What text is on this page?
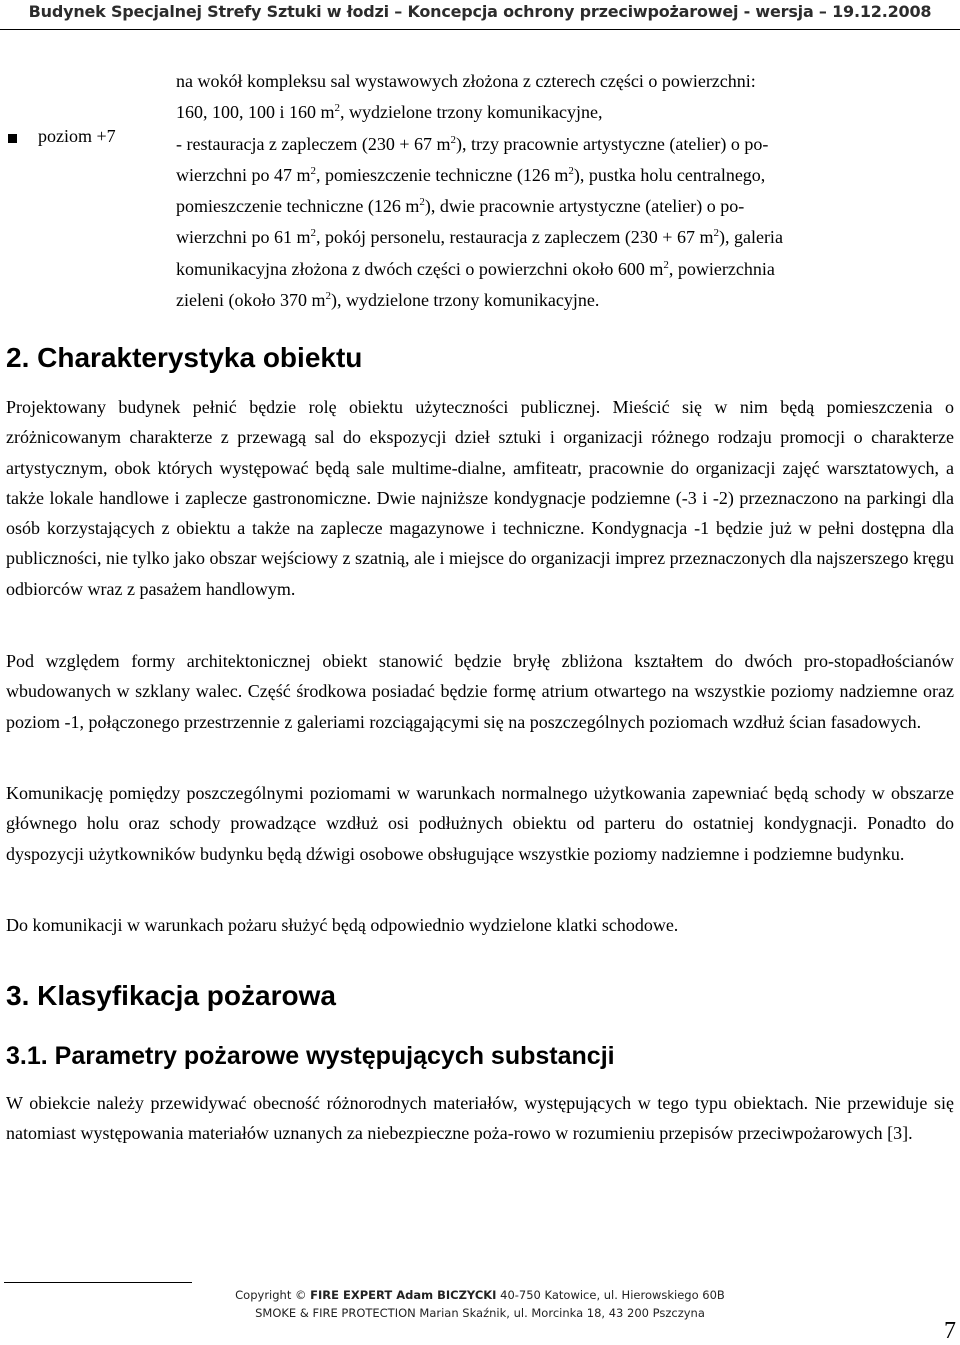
Budynek Specjalnej Strefy Sztuki w łodzi – Koncepcja ochrony przeciwpożarowej - wersja – 19.12.2008
poziom +7
na wokół kompleksu sal wystawowych złożona z czterech części o powierzchni:
160, 100, 100 i 160 $m^2$, wydzielone trzony komunikacyjne,
- restauracja z zapleczem (230 + 67 $m^2$), trzy pracownie artystyczne (atelier) o po-
wierzchni po 47 $m^2$, pomieszczenie techniczne (126 $m^2$), pustka holu centralnego,
pomieszczenie techniczne (126 $m^2$), dwie pracownie artystyczne (atelier) o po-
wierzchni po 61 $m^2$, pokój personelu, restauracja z zapleczem (230 + 67 $m^2$), galeria
komunikacyjna złożona z dwóch części o powierzchni około 600 $m^2$, powierzchnia
zieleni (około 370 $m^2$), wydzielone trzony komunikacyjne.
2. Charakterystyka obiektu

Projektowany budynek pełnić będzie rolę obiektu użyteczności publicznej. Mieścić się w nim będą pomieszczenia o zróżnicowanym charakterze z przewagą sal do ekspozycji dzieł sztuki i organizacji różnego rodzaju promocji o charakterze artystycznym, obok których występować będą sale multime-dialne, amfiteatr, pracownie do organizacji zajęć warsztatowych, a także lokale handlowe i zaplecze gastronomiczne. Dwie najniższe kondygnacje podziemne (-3 i -2) przeznaczono na parkingi dla osób korzystających z obiektu a także na zaplecze magazynowe i techniczne. Kondygnacja -1 będzie już w pełni dostępna dla publiczności, nie tylko jako obszar wejściowy z szatnią, ale i miejsce do organizacji imprez przeznaczonych dla najszerszego kręgu odbiorców wraz z pasażem handlowym.

Pod względem formy architektonicznej obiekt stanowić będzie bryłę zbliżona kształtem do dwóch pro-stopadłościanów wbudowanych w szklany walec. Część środkowa posiadać będzie formę atrium otwartego na wszystkie poziomy nadziemne oraz poziom -1, połączonego przestrzennie z galeriami rozciągającymi się na poszczególnych poziomach wzdłuż ścian fasadowych.

Komunikację pomiędzy poszczególnymi poziomami w warunkach normalnego użytkowania zapewniać będą schody w obszarze głównego holu oraz schody prowadzące wzdłuż osi podłużnych obiektu od parteru do ostatniej kondygnacji. Ponadto do dyspozycji użytkowników budynku będą dźwigi osobowe obsługujące wszystkie poziomy nadziemne i podziemne budynku.

Do komunikacji w warunkach pożaru służyć będą odpowiednio wydzielone klatki schodowe.

3. Klasyfikacja pożarowa
3.1. Parametry pożarowe występujących substancji

W obiekcie należy przewidywać obecność różnorodnych materiałów, występujących w tego typu obiektach. Nie przewiduje się natomiast występowania materiałów uznanych za niebezpieczne poża-rowo w rozumieniu przepisów przeciwpożarowych [3].

Copyright © FIRE EXPERT Adam BICZYCKI 40-750 Katowice, ul. Hierowskiego 60B
SMOKE & FIRE PROTECTION Marian Skaźnik, ul. Morcinka 18, 43 200 Pszczyna
7
